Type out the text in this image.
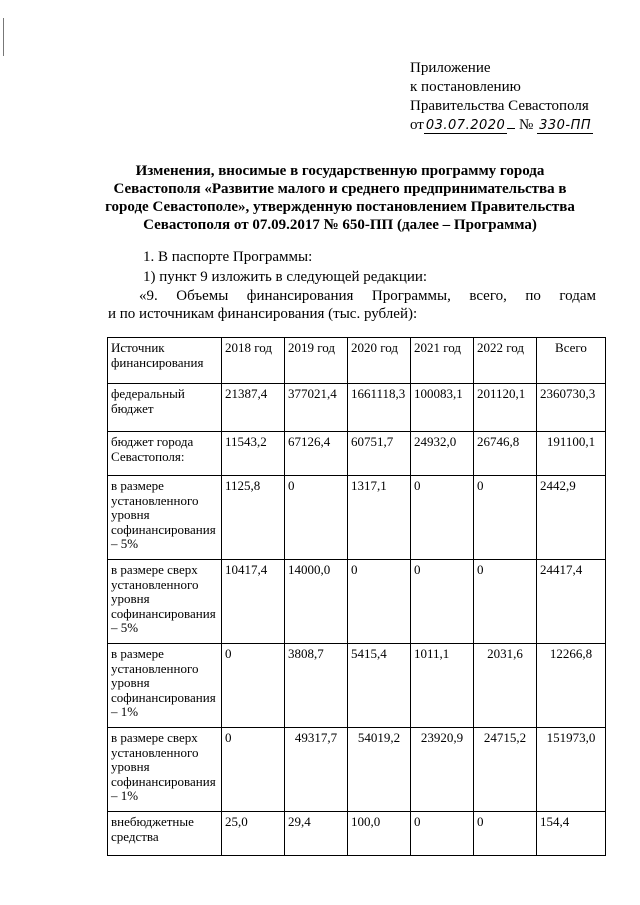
Приложение
к постановлению
Правительства Севастополя
от 03.07.2020 № 330-ПП
Изменения, вносимые в государственную программу города
Севастополя «Развитие малого и среднего предпринимательства в
городе Севастополе», утвержденную постановлением Правительства
Севастополя от 07.09.2017 № 650-ПП (далее – Программа)
1. В паспорте Программы:
1) пункт 9 изложить в следующей редакции:
«9. Объемы финансирования Программы, всего, по годам
и по источникам финансирования (тыс. рублей):
Источник финансирования	2018 год	2019 год	2020 год	2021 год	2022 год	Всего
федеральный бюджет	21387,4	377021,4	1661118,3	100083,1	201120,1	2360730,3
бюджет города Севастополя:	11543,2	67126,4	60751,7	24932,0	26746,8	191100,1
в размере установленного уровня софинансирования – 5%	1125,8	0	1317,1	0	0	2442,9
в размере сверх установленного уровня софинансирования – 5%	10417,4	14000,0	0	0	0	24417,4
в размере установленного уровня софинансирования – 1%	0	3808,7	5415,4	1011,1	2031,6	12266,8
в размере сверх установленного уровня софинансирования – 1%	0	49317,7	54019,2	23920,9	24715,2	151973,0
внебюджетные средства	25,0	29,4	100,0	0	0	154,4
